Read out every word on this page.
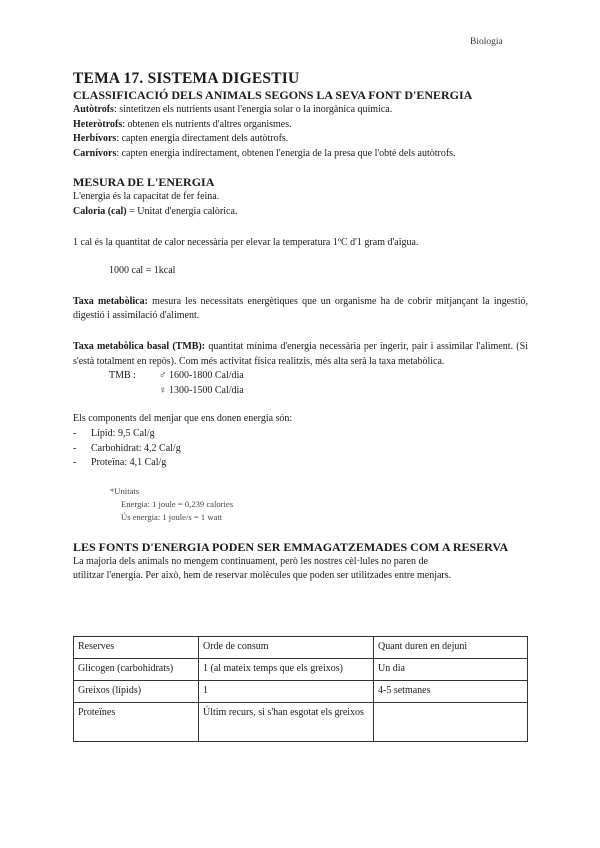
Biologia
TEMA 17. SISTEMA DIGESTIU
CLASSIFICACIÓ DELS ANIMALS SEGONS LA SEVA FONT D'ENERGIA

Autòtrofs: sintetitzen els nutrients usant l'energia solar o la inorgànica química.

Heteròtrofs: obtenen els nutrients d'altres organismes.

Herbívors: capten energia directament dels autòtrofs.

Carnívors: capten energia indirectament, obtenen l'energia de la presa que l'obté dels autòtrofs.

MESURA DE L'ENERGIA

L'energia és la capacitat de fer feina.

Caloria (cal) = Unitat d'energia calòrica.

1 cal és la quantitat de calor necessària per elevar la temperatura 1ºC d'1 gram d'aigua.

1000 cal = 1kcal

Taxa metabòlica: mesura les necessitats energètiques que un organisme ha de cobrir mitjançant la ingestió, digestió i assimilació d'aliment.

Taxa metabòlica basal (TMB): quantitat mínima d'energia necessària per ingerir, pair i assimilar l'aliment. (Si s'està totalment en repòs). Com més activitat física realitzis, més alta serà la taxa metabòlica.

TMB :	♂ 1600-1800 Cal/dia
♀ 1300-1500 Cal/dia

Els components del menjar que ens donen energia són:

- Lípid: 9,5 Cal/g
- Carbohidrat: 4,2 Cal/g
- Proteïna: 4,1 Cal/g
*Unitats
Energia: 1 joule = 0,239 calories
Ús energia: 1 joule/s = 1 watt
LES FONTS D'ENERGIA PODEN SER EMMAGATZEMADES COM A RESERVA

La majoria dels animals no mengem continuament, però les nostres cèl·lules no paren de

utilitzar l'energia. Per això, hem de reservar molècules que poden ser utilitzades entre menjars.

Reserves	Orde de consum	Quant duren en dejuni
Glicogen (carbohidrats)	1 (al mateix temps que els greixos)	Un dia
Greixos (lípids)	1	4-5 setmanes
Proteïnes	Últim recurs, si s'han esgotat els greixos	
